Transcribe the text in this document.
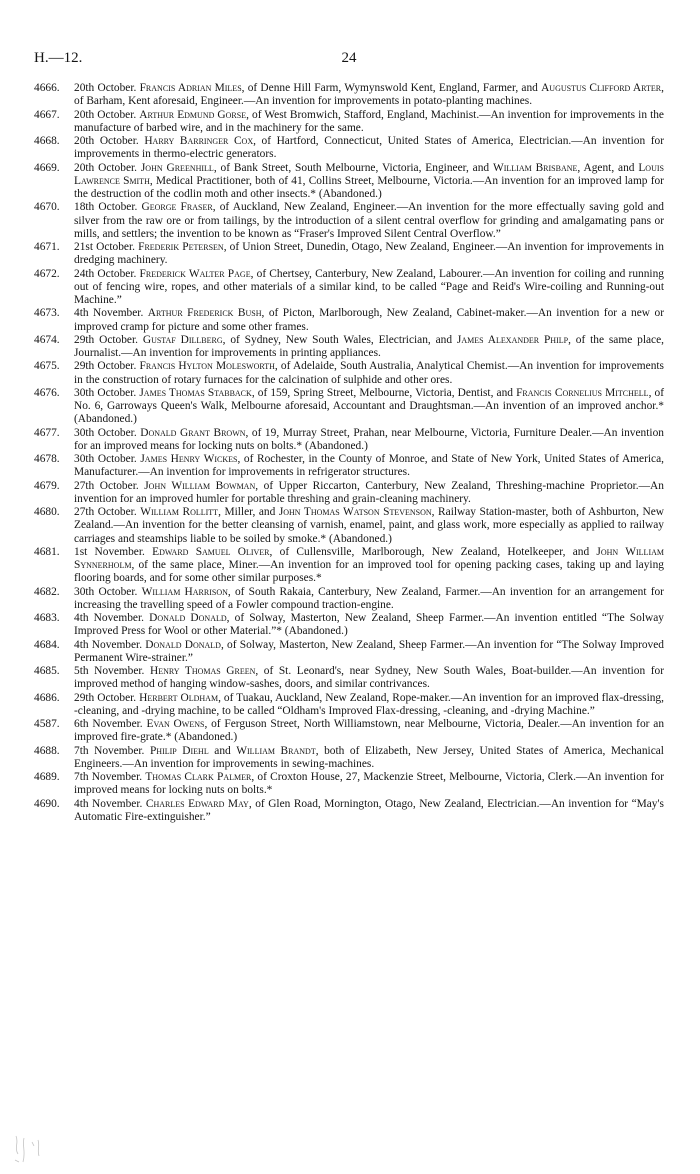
H.—12.	24

4666. 20th October. Francis Adrian Miles, of Denne Hill Farm, Wymynswold Kent, England, Farmer, and Augustus Clifford Arter, of Barham, Kent aforesaid, Engineer.—An invention for improvements in potato-planting machines.

4667. 20th October. Arthur Edmund Gorse, of West Bromwich, Stafford, England, Machinist.—An invention for improvements in the manufacture of barbed wire, and in the machinery for the same.

4668. 20th October. Harry Barringer Cox, of Hartford, Connecticut, United States of America, Electrician.—An invention for improvements in thermo-electric generators.

4669. 20th October. John Greenhill, of Bank Street, South Melbourne, Victoria, Engineer, and William Brisbane, Agent, and Louis Lawrence Smith, Medical Practitioner, both of 41, Collins Street, Melbourne, Victoria.—An invention for an improved lamp for the destruction of the codlin moth and other insects.* (Abandoned.)

4670. 18th October. George Fraser, of Auckland, New Zealand, Engineer.—An invention for the more effectually saving gold and silver from the raw ore or from tailings, by the introduction of a silent central overflow for grinding and amalgamating pans or mills, and settlers; the invention to be known as “Fraser's Improved Silent Central Overflow.”

4671. 21st October. Frederik Petersen, of Union Street, Dunedin, Otago, New Zealand, Engineer.—An invention for improvements in dredging machinery.

4672. 24th October. Frederick Walter Page, of Chertsey, Canterbury, New Zealand, Labourer.—An invention for coiling and running out of fencing wire, ropes, and other materials of a similar kind, to be called “Page and Reid's Wire-coiling and Running-out Machine.”

4673. 4th November. Arthur Frederick Bush, of Picton, Marlborough, New Zealand, Cabinet-maker.—An invention for a new or improved cramp for picture and some other frames.

4674. 29th October. Gustaf Dillberg, of Sydney, New South Wales, Electrician, and James Alexander Philp, of the same place, Journalist.—An invention for improvements in printing appliances.

4675. 29th October. Francis Hylton Molesworth, of Adelaide, South Australia, Analytical Chemist.—An invention for improvements in the construction of rotary furnaces for the calcination of sulphide and other ores.

4676. 30th October. James Thomas Stabback, of 159, Spring Street, Melbourne, Victoria, Dentist, and Francis Cornelius Mitchell, of No. 6, Garroways Queen's Walk, Melbourne aforesaid, Accountant and Draughtsman.—An invention of an improved anchor.* (Abandoned.)

4677. 30th October. Donald Grant Brown, of 19, Murray Street, Prahan, near Melbourne, Victoria, Furniture Dealer.—An invention for an improved means for locking nuts on bolts.* (Abandoned.)

4678. 30th October. James Henry Wickes, of Rochester, in the County of Monroe, and State of New York, United States of America, Manufacturer.—An invention for improvements in refrigerator structures.

4679. 27th October. John William Bowman, of Upper Riccarton, Canterbury, New Zealand, Threshing-machine Proprietor.—An invention for an improved humler for portable threshing and grain-cleaning machinery.

4680. 27th October. William Rollitt, Miller, and John Thomas Watson Stevenson, Railway Station-master, both of Ashburton, New Zealand.—An invention for the better cleansing of varnish, enamel, paint, and glass work, more especially as applied to railway carriages and steamships liable to be soiled by smoke.* (Abandoned.)

4681. 1st November. Edward Samuel Oliver, of Cullensville, Marlborough, New Zealand, Hotelkeeper, and John William Synnerholm, of the same place, Miner.—An invention for an improved tool for opening packing cases, taking up and laying flooring boards, and for some other similar purposes.*

4682. 30th October. William Harrison, of South Rakaia, Canterbury, New Zealand, Farmer.—An invention for an arrangement for increasing the travelling speed of a Fowler compound traction-engine.

4683. 4th November. Donald Donald, of Solway, Masterton, New Zealand, Sheep Farmer.—An invention entitled “The Solway Improved Press for Wool or other Material.”* (Abandoned.)

4684. 4th November. Donald Donald, of Solway, Masterton, New Zealand, Sheep Farmer.—An invention for “The Solway Improved Permanent Wire-strainer.”

4685. 5th November. Henry Thomas Green, of St. Leonard's, near Sydney, New South Wales, Boat-builder.—An invention for improved method of hanging window-sashes, doors, and similar contrivances.

4686. 29th October. Herbert Oldham, of Tuakau, Auckland, New Zealand, Rope-maker.—An invention for an improved flax-dressing, -cleaning, and -drying machine, to be called “Oldham's Improved Flax-dressing, -cleaning, and -drying Machine.”

4587. 6th November. Evan Owens, of Ferguson Street, North Williamstown, near Melbourne, Victoria, Dealer.—An invention for an improved fire-grate.* (Abandoned.)

4688. 7th November. Philip Diehl and William Brandt, both of Elizabeth, New Jersey, United States of America, Mechanical Engineers.—An invention for improvements in sewing-machines.

4689. 7th November. Thomas Clark Palmer, of Croxton House, 27, Mackenzie Street, Melbourne, Victoria, Clerk.—An invention for improved means for locking nuts on bolts.*

4690. 4th November. Charles Edward May, of Glen Road, Mornington, Otago, New Zealand, Electrician.—An invention for “May's Automatic Fire-extinguisher.”
